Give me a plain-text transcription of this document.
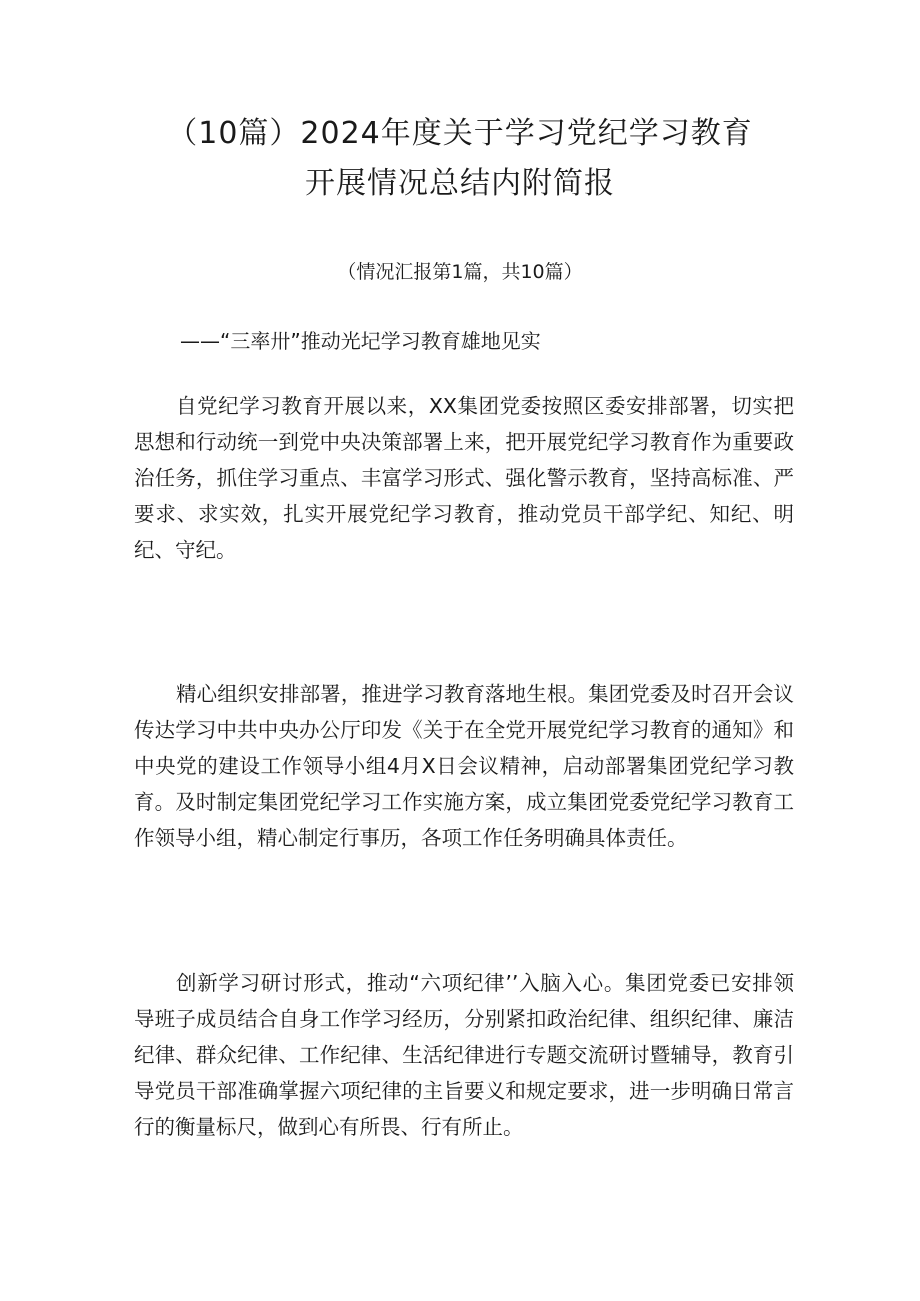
（10篇）2024年度关于学习党纪学习教育
开展情况总结内附简报
（情况汇报第1篇，共10篇）
——“三率卅”推动光圮学习教育雄地见实

自党纪学习教育开展以来，XX集团党委按照区委安排部署，切实把思想和行动统一到党中央决策部署上来，把开展党纪学习教育作为重要政治任务，抓住学习重点、丰富学习形式、强化警示教育，坚持高标准、严要求、求实效，扎实开展党纪学习教育，推动党员干部学纪、知纪、明纪、守纪。

精心组织安排部署，推进学习教育落地生根。集团党委及时召开会议传达学习中共中央办公厅印发《关于在全党开展党纪学习教育的通知》和中央党的建设工作领导小组4月X日会议精神，启动部署集团党纪学习教育。及时制定集团党纪学习工作实施方案，成立集团党委党纪学习教育工作领导小组，精心制定行事历，各项工作任务明确具体责任。

创新学习研讨形式，推动“六项纪律’’入脑入心。集团党委已安排领导班子成员结合自身工作学习经历，分别紧扣政治纪律、组织纪律、廉洁纪律、群众纪律、工作纪律、生活纪律进行专题交流研讨暨辅导，教育引导党员干部准确掌握六项纪律的主旨要义和规定要求，进一步明确日常言行的衡量标尺，做到心有所畏、行有所止。
